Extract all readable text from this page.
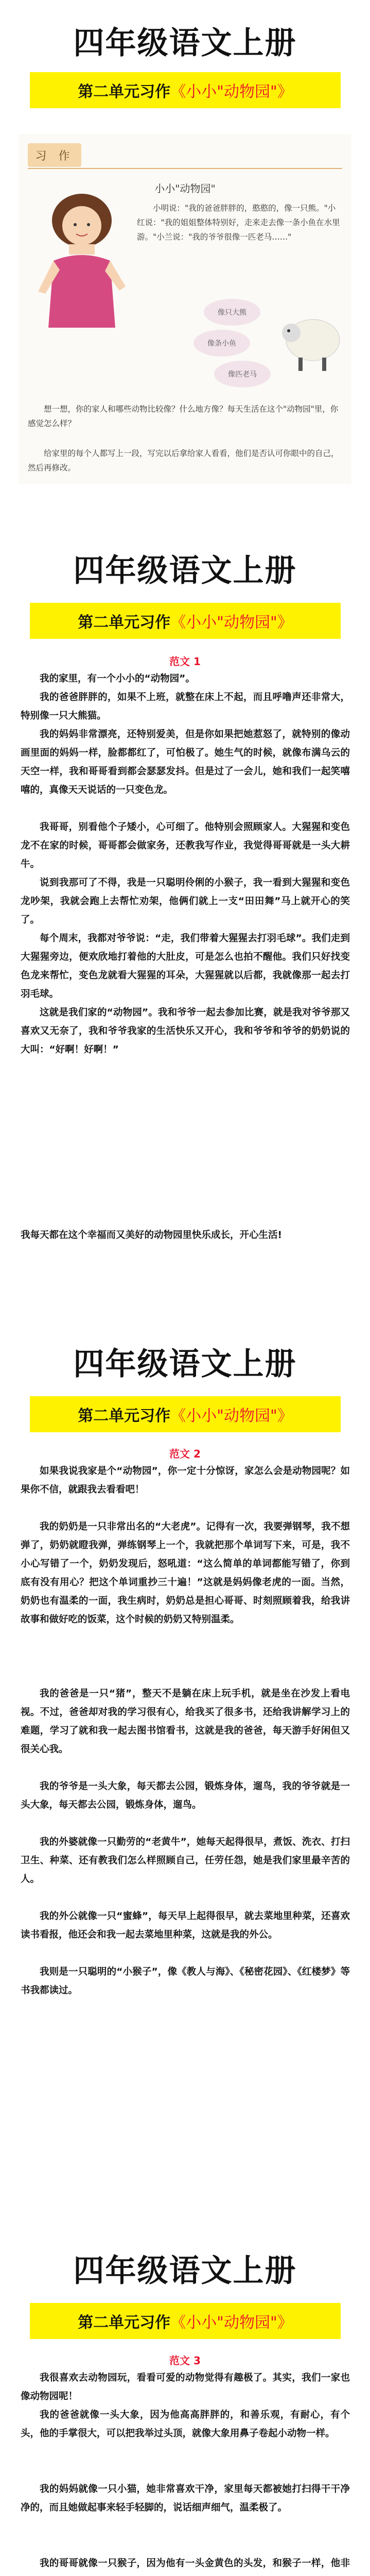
四年级语文上册
第二单元习作 《小小"动物园"》
习 作
小小"动物园"
小明说："我的爸爸胖胖的，憨憨的，像一只熊。"小红说："我的姐姐整体特别好，走来走去像一条小鱼在水里游。"小兰说："我的爷爷很像一匹老马……"
像只大熊
像条小鱼
像匹老马
想一想，你的家人和哪些动物比较像？什么地方像？每天生活在这个"动物园"里，你感觉怎么样？
给家里的每个人都写上一段，写完以后拿给家人看看，他们是否认可你眼中的自己，然后再修改。
四年级语文上册
第二单元习作 《小小"动物园"》
范文 1
我的家里，有一个小小的“动物园”。
我的爸爸胖胖的，如果不上班，就整在床上不起，而且呼噜声还非常大，特别像一只大熊猫。
我的妈妈非常漂亮，还特别爱美，但是你如果把她惹怒了，就特别的像动画里面的妈妈一样，脸都都红了，可怕极了。她生气的时候，就像布满乌云的天空一样，我和哥哥看到都会瑟瑟发抖。但是过了一会儿，她和我们一起笑嘻嘻的，真像天天说话的一只变色龙。
我哥哥，别看他个子矮小，心可细了。他特别会照顾家人。大猩猩和变色龙不在家的时候，哥哥都会做家务，还教我写作业，我觉得哥哥就是一头大耕牛。
说到我那可了不得，我是一只聪明伶俐的小猴子，我一看到大猩猩和变色龙吵架，我就会跑上去帮忙劝架，他俩们就上一支“田田舞”马上就开心的笑了。
每个周末，我都对爷爷说：“走，我们带着大猩猩去打羽毛球”。我们走到大猩猩旁边，便欢欣地打着他的大肚皮，可是怎么也拍不醒他。我们只好找变色龙来帮忙，变色龙就看大猩猩的耳朵，大猩猩就以后都，我就像那一起去打羽毛球。
这就是我们家的“动物园”。我和爷爷一起去参加比赛，就是我对爷爷那又喜欢又无奈了，我和爷爷我家的生活快乐又开心，我和爷爷和爷爷的奶奶说的大叫：“好啊！好啊！”
我每天都在这个幸福而又美好的动物园里快乐成长，开心生活!
四年级语文上册
第二单元习作 《小小"动物园"》
范文 2
如果我说我家是个“动物园”，你一定十分惊讶，家怎么会是动物园呢？如果你不信，就跟我去看看吧！
我的奶奶是一只非常出名的“大老虎”。记得有一次，我要弹钢琴，我不想弹了，奶奶就瞪我弹，弹练钢琴上一个，我就把那个单词写下来，可是，我不小心写错了一个，奶奶发现后，怒吼道：“这么简单的单词都能写错了，你到底有没有用心？把这个单词重抄三十遍！”这就是妈妈像老虎的一面。当然，奶奶也有温柔的一面，我生病时，奶奶总是担心哥哥、时刻照顾着我，给我讲故事和做好吃的饭菜，这个时候的奶奶又特别温柔。
我的爸爸是一只“猪”，整天不是躺在床上玩手机，就是坐在沙发上看电视。不过，爸爸却对我的学习很有心，给我买了很多书，还给我讲解学习上的难题，学习了就和我一起去图书馆看书，这就是我的爸爸，每天游手好闲但又很关心我。
我的爷爷是一头大象，每天都去公园，锻炼身体，遛鸟，我的爷爷就是一头大象，每天都去公园，锻炼身体，遛鸟。
我的外婆就像一只勤劳的“老黄牛”，她每天起得很早，煮饭、洗衣、打扫卫生、种菜、还有教我们怎么样照顾自己，任劳任怨，她是我们家里最辛苦的人。
我的外公就像一只“蜜蜂”，每天早上起得很早，就去菜地里种菜，还喜欢读书看报，他还会和我一起去菜地里种菜，这就是我的外公。
我则是一只聪明的“小猴子”，像《教人与海》、《秘密花园》、《红楼梦》等书我都读过。
四年级语文上册
第二单元习作 《小小"动物园"》
范文 3
我很喜欢去动物园玩，看看可爱的动物觉得有趣极了。其实，我们一家也像动物园呢！
我的爸爸就像一头大象，因为他高高胖胖的，和善乐观，有耐心，有个头，他的手掌很大，可以把我举过头顶，就像大象用鼻子卷起小动物一样。
我的妈妈就像一只小猫，她非常喜欢干净，家里每天都被她打扫得干干净净的，而且她做起事来轻手轻脚的，说话细声细气，温柔极了。
我的哥哥就像一只猴子，因为他有一头金黄色的头发，和猴子一样，他非
